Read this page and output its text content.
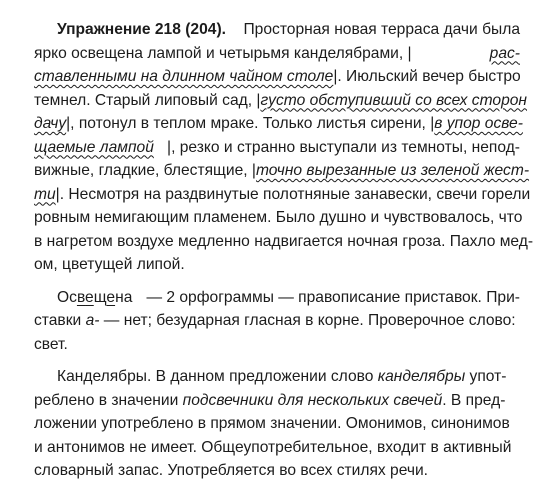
Упражнение 218 (204). Просторная новая терраса дачи была
ярко освещена лампой и четырьмя канделябрами, |	рас-
ставленными на длинном чайном столе |. Июльский вечер быстро
темнел. Старый липовый сад, | густо обступивший со всех сторон
дачу |, потонул в теплом мраке. Только листья сирени, | в упор осве-
щаемые лампой |, резко и странно выступали из темноты, непод-
вижные, гладкие, блестящие, | точно вырезанные из зеленой жест-
ти |. Несмотря на раздвинутые полотняные занавески, свечи горели
ровным немигающим пламенем. Было душно и чувствовалось, что
в нагретом воздухе медленно надвигается ночная гроза. Пахло мед-
ом, цветущей липой.
Освещена — 2 орфограммы — правописание приставок. При-
ставки а- — нет; безударная гласная в корне. Проверочное слово:
свет.
Канделябры. В данном предложении слово канделябры упот-
реблено в значении подсвечники для нескольких свечей. В пред-
ложении употреблено в прямом значении. Омонимов, синонимов
и антонимов не имеет. Общеупотребительное, входит в активный
словарный запас. Употребляется во всех стилях речи.
